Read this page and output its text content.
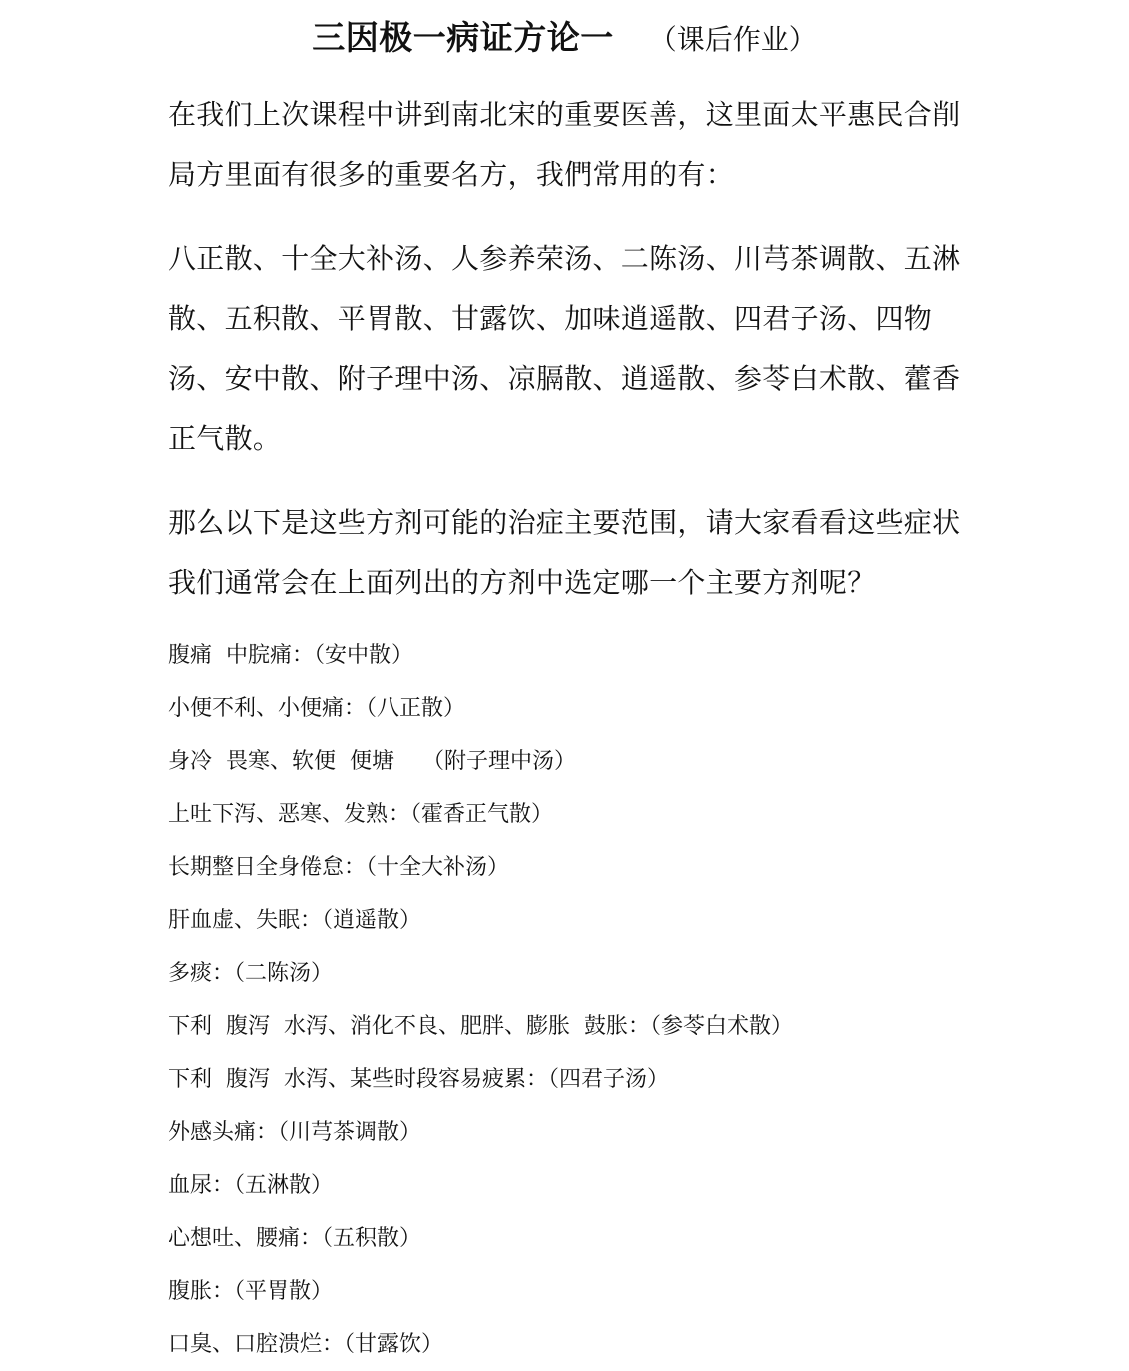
三因极一病证方论一 （课后作业）

在我们上次课程中讲到南北宋的重要医善，这里面太平惠民合削局方里面有很多的重要名方，我們常用的有：

八正散、十全大补汤、人参养荣汤、二陈汤、川芎茶调散、五淋散、五积散、平胃散、甘露饮、加味逍遥散、四君子汤、四物汤、安中散、附子理中汤、凉膈散、逍遥散、参苓白术散、藿香正气散。

那么以下是这些方剂可能的治症主要范围，请大家看看这些症状我们通常会在上面列出的方剂中选定哪一个主要方剂呢？

腹痛  中脘痛：（安中散）
小便不利、小便痛：（八正散）
身冷  畏寒、软便  便塘    （附子理中汤）
上吐下泻、恶寒、发熟：（霍香正气散）
长期整日全身倦怠：（十全大补汤）
肝血虚、失眠：（逍遥散）
多痰：（二陈汤）
下利  腹泻  水泻、消化不良、肥胖、膨胀  鼓胀：（参苓白术散）
下利  腹泻  水泻、某些时段容易疲累：（四君子汤）
外感头痛：（川芎茶调散）
血尿：（五淋散）
心想吐、腰痛：（五积散）
腹胀：（平胃散）
口臭、口腔溃烂：（甘露饮）
